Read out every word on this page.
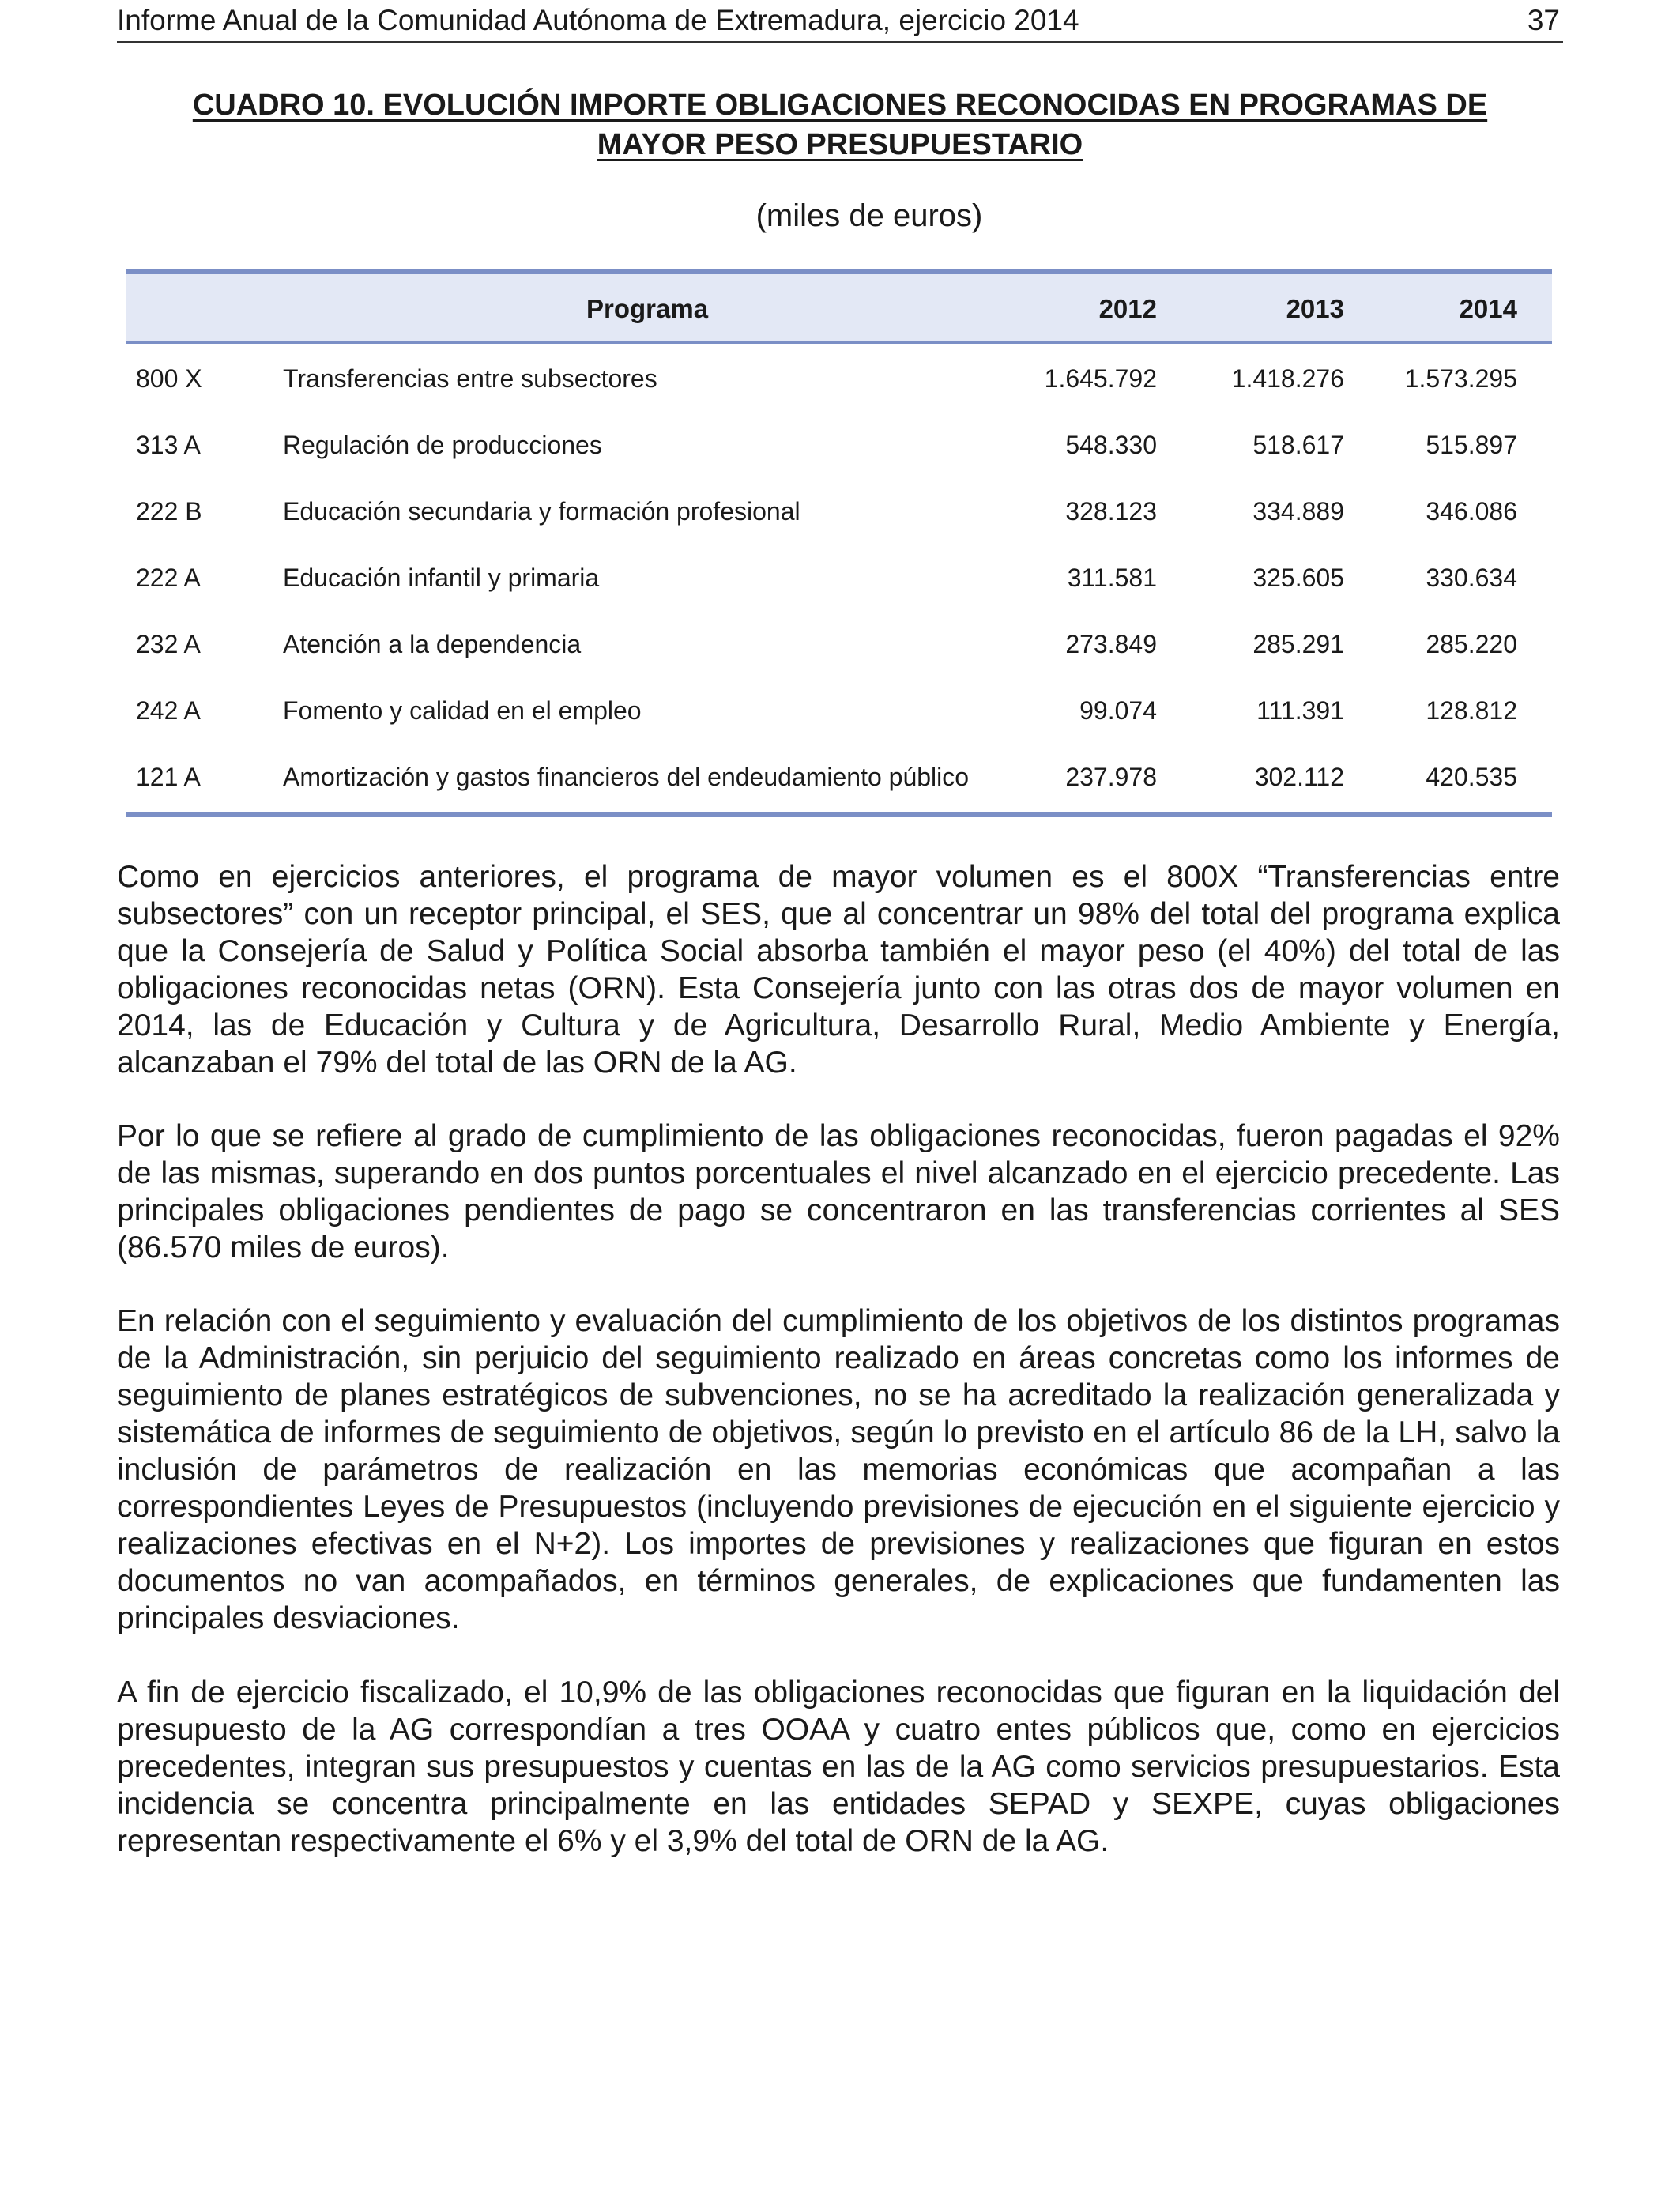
Informe Anual de la Comunidad Autónoma de Extremadura, ejercicio 2014	37
CUADRO 10. EVOLUCIÓN IMPORTE OBLIGACIONES RECONOCIDAS EN PROGRAMAS DE
MAYOR PESO PRESUPUESTARIO
(miles de euros)
Programa	2012	2013	2014
800 X	Transferencias entre subsectores	1.645.792	1.418.276 1.573.295
313 A	Regulación de producciones	548.330	518.617	515.897
222 B	Educación secundaria y formación profesional	328.123	334.889	346.086
222 A	Educación infantil y primaria	311.581	325.605	330.634
232 A	Atención a la dependencia	273.849	285.291	285.220
242 A	Fomento y calidad en el empleo	99.074	111.391	128.812
121 A	Amortización y gastos financieros del endeudamiento público	237.978	302.112	420.535

Como en ejercicios anteriores, el programa de mayor volumen es el 800X “Transferencias entre subsectores” con un receptor principal, el SES, que al concentrar un 98% del total del programa explica que la Consejería de Salud y Política Social absorba también el mayor peso (el 40%) del total de las obligaciones reconocidas netas (ORN). Esta Consejería junto con las otras dos de mayor volumen en 2014, las de Educación y Cultura y de Agricultura, Desarrollo Rural, Medio Ambiente y Energía, alcanzaban el 79% del total de las ORN de la AG.

Por lo que se refiere al grado de cumplimiento de las obligaciones reconocidas, fueron pagadas el 92% de las mismas, superando en dos puntos porcentuales el nivel alcanzado en el ejercicio precedente. Las principales obligaciones pendientes de pago se concentraron en las transferencias corrientes al SES (86.570 miles de euros).

En relación con el seguimiento y evaluación del cumplimiento de los objetivos de los distintos programas de la Administración, sin perjuicio del seguimiento realizado en áreas concretas como los informes de seguimiento de planes estratégicos de subvenciones, no se ha acreditado la realización generalizada y sistemática de informes de seguimiento de objetivos, según lo previsto en el artículo 86 de la LH, salvo la inclusión de parámetros de realización en las memorias económicas que acompañan a las correspondientes Leyes de Presupuestos (incluyendo previsiones de ejecución en el siguiente ejercicio y realizaciones efectivas en el N+2). Los importes de previsiones y realizaciones que figuran en estos documentos no van acompañados, en términos generales, de explicaciones que fundamenten las principales desviaciones.

A fin de ejercicio fiscalizado, el 10,9% de las obligaciones reconocidas que figuran en la liquidación del presupuesto de la AG correspondían a tres OOAA y cuatro entes públicos que, como en ejercicios precedentes, integran sus presupuestos y cuentas en las de la AG como servicios presupuestarios. Esta incidencia se concentra principalmente en las entidades SEPAD y SEXPE, cuyas obligaciones representan respectivamente el 6% y el 3,9% del total de ORN de la AG.
